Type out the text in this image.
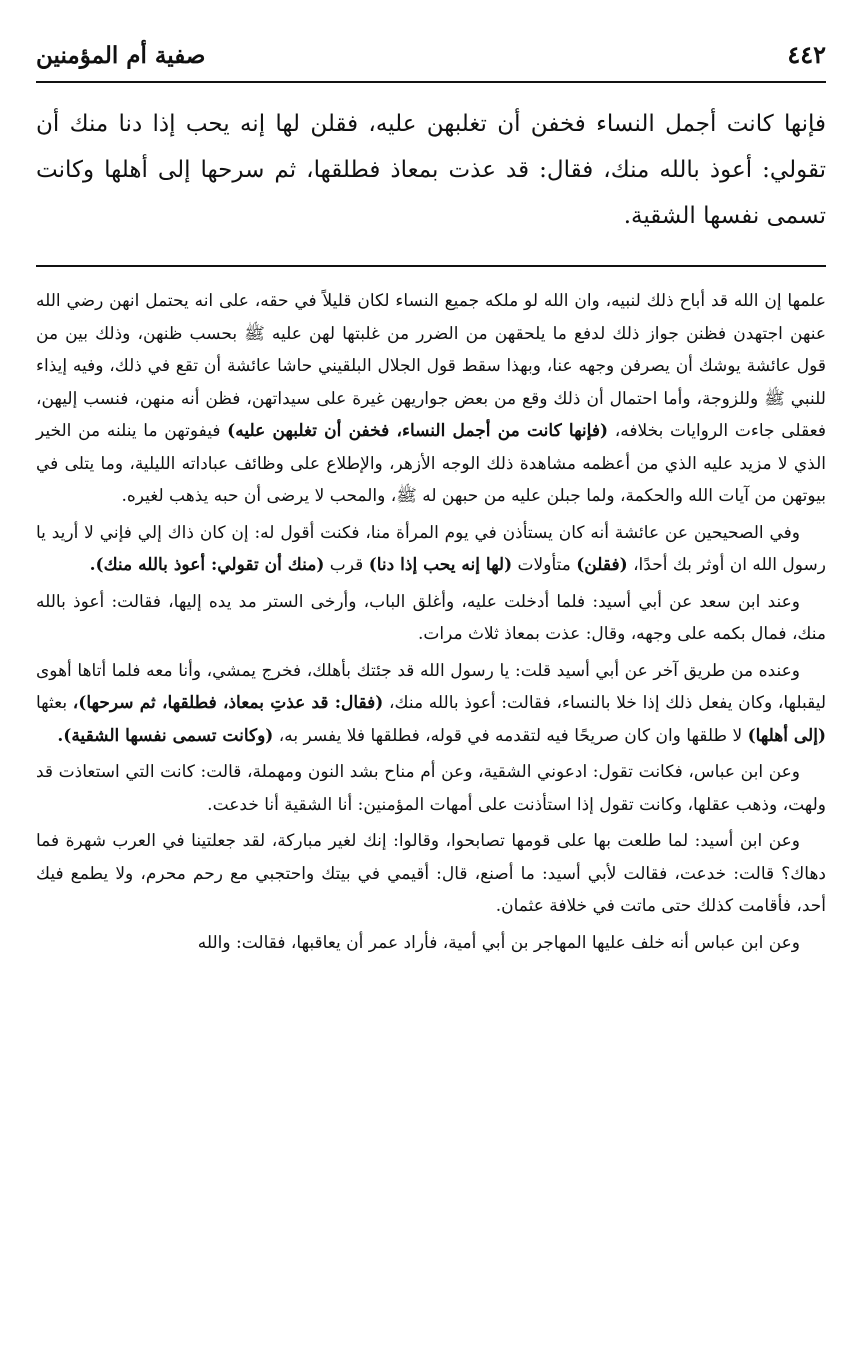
٤٤٢
صفية أم المؤمنين

فإنها كانت أجمل النساء فخفن أن تغلبهن عليه، فقلن لها إنه يحب إذا دنا منك أن تقولي: أعوذ بالله منك، فقال: قد عذت بمعاذ فطلقها، ثم سرحها إلى أهلها وكانت تسمى نفسها الشقية.

علمها إن الله قد أباح ذلك لنبيه، وان الله لو ملكه جميع النساء لكان قليلاً في حقه، على انه يحتمل انهن رضي الله عنهن اجتهدن فظنن جواز ذلك لدفع ما يلحقهن من الضرر من غلبتها لهن عليه ﷺ بحسب ظنهن، وذلك بين من قول عائشة يوشك أن يصرفن وجهه عنا، وبهذا سقط قول الجلال البلقيني حاشا عائشة أن تقع في ذلك، وفيه إيذاء للنبي ﷺ وللزوجة، وأما احتمال أن ذلك وقع من بعض جواريهن غيرة على سيداتهن، فظن أنه منهن، فنسب إليهن، فعقلى جاءت الروايات بخلافه، (فإنها كانت من أجمل النساء، فخفن أن تغلبهن عليه) فيفوتهن ما ينلنه من الخير الذي لا مزيد عليه الذي من أعظمه مشاهدة ذلك الوجه الأزهر، والإطلاع على وظائف عباداته الليلية، وما يتلى في بيوتهن من آيات الله والحكمة، ولما جبلن عليه من حبهن له ﷺ، والمحب لا يرضى أن حبه يذهب لغيره.

وفي الصحيحين عن عائشة أنه كان يستأذن في يوم المرأة منا، فكنت أقول له: إن كان ذاك إلي فإني لا أريد يا رسول الله ان أوثر بك أحدًا، (فقلن) متأولات (لها إنه يحب إذا دنا) قرب (منك أن تقولي: أعوذ بالله منك).

وعند ابن سعد عن أبي أسيد: فلما أدخلت عليه، وأغلق الباب، وأرخى الستر مد يده إليها، فقالت: أعوذ بالله منك، فمال بكمه على وجهه، وقال: عذت بمعاذ ثلاث مرات.

وعنده من طريق آخر عن أبي أسيد قلت: يا رسول الله قد جئتك بأهلك، فخرج يمشي، وأنا معه فلما أتاها أهوى ليقبلها، وكان يفعل ذلك إذا خلا بالنساء، فقالت: أعوذ بالله منك، (فقال: قد عذتِ بمعاذ، فطلقها، ثم سرحها)، بعثها (إلى أهلها) لا طلقها وان كان صريحًا فيه لتقدمه في قوله، فطلقها فلا يفسر به، (وكانت تسمى نفسها الشقية).

وعن ابن عباس، فكانت تقول: ادعوني الشقية، وعن أم مناح بشد النون ومهملة، قالت: كانت التي استعاذت قد ولهت، وذهب عقلها، وكانت تقول إذا استأذنت على أمهات المؤمنين: أنا الشقية أنا خدعت.

وعن ابن أسيد: لما طلعت بها على قومها تصابحوا، وقالوا: إنك لغير مباركة، لقد جعلتينا في العرب شهرة فما دهاك؟ قالت: خدعت، فقالت لأبي أسيد: ما أصنع، قال: أقيمي في بيتك واحتجبي مع رحم محرم، ولا يطمع فيك أحد، فأقامت كذلك حتى ماتت في خلافة عثمان.

وعن ابن عباس أنه خلف عليها المهاجر بن أبي أمية، فأراد عمر أن يعاقبها، فقالت: والله
